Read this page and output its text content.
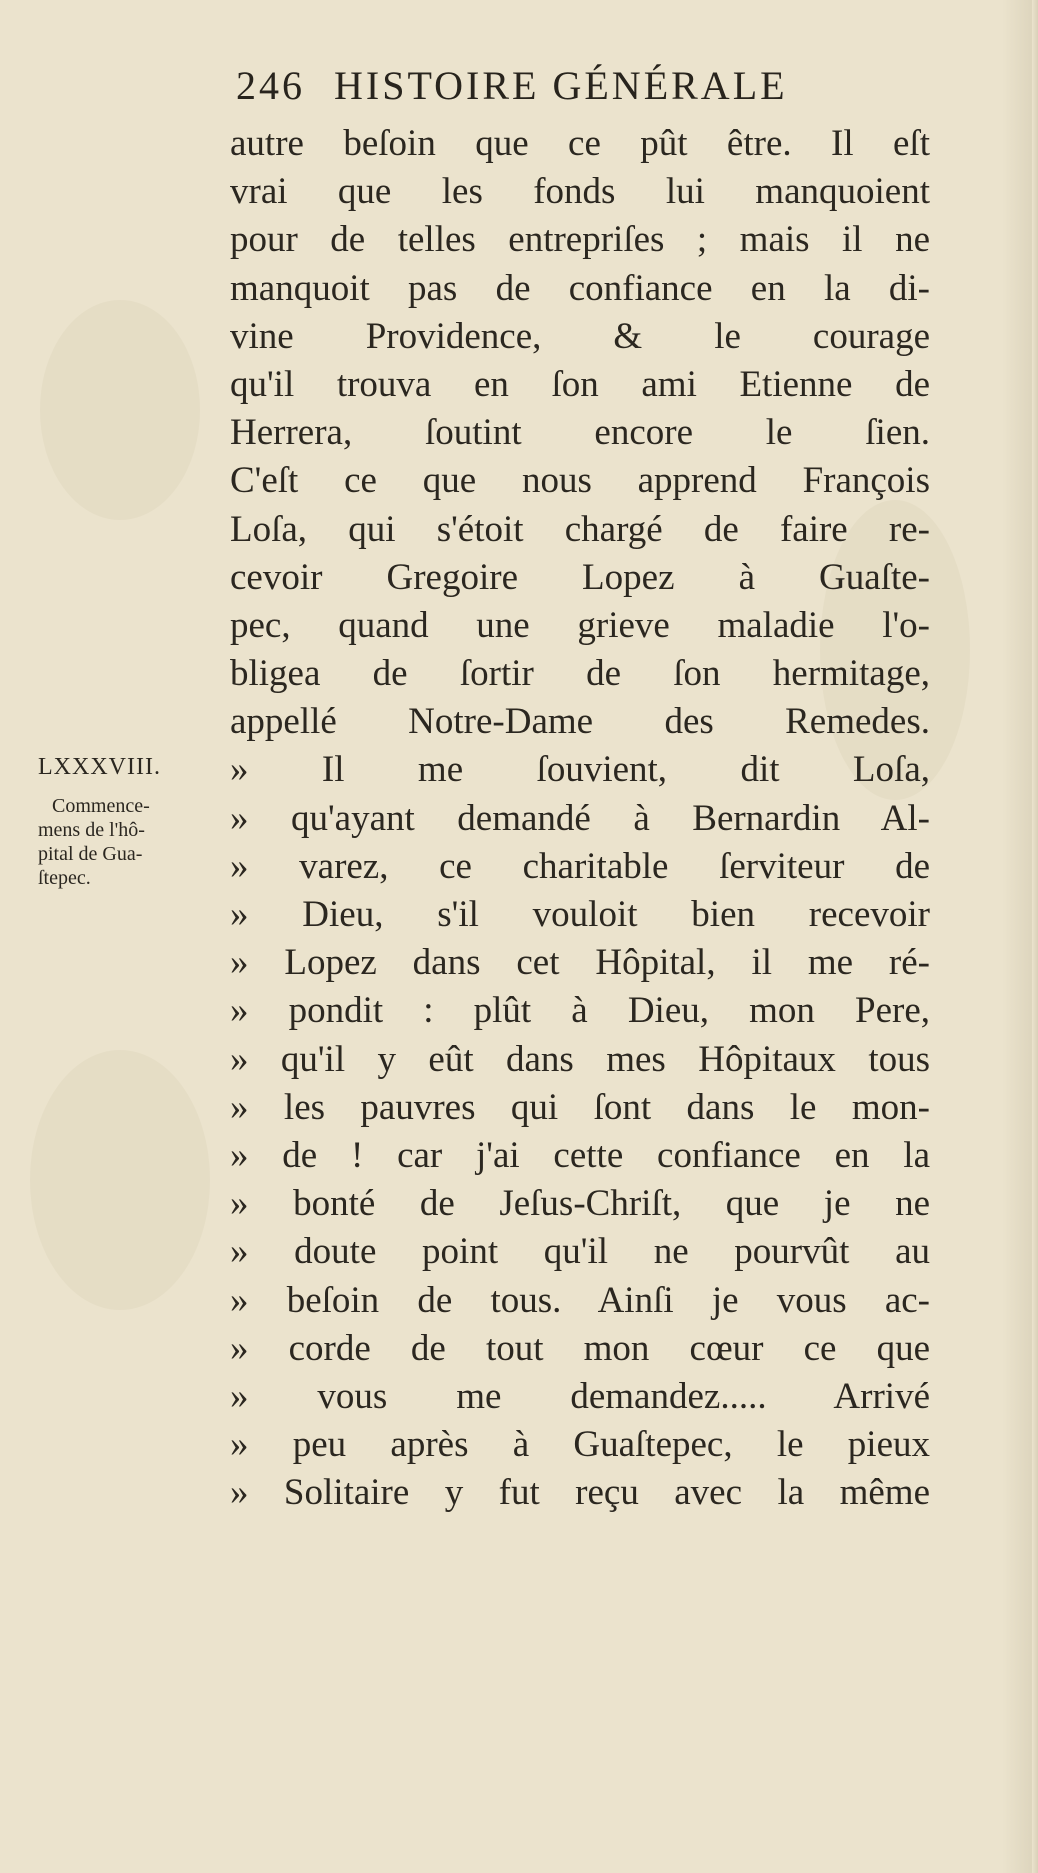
246 HISTOIRE GÉNÉRALE
LXXXVIII.
Commence-
mens de l'hô-
pital de Gua-
ſtepec.
autre beſoin que ce pût être. Il eſt
vrai que les fonds lui manquoient
pour de telles entrepriſes ; mais il ne
manquoit pas de confiance en la di-
vine Providence, & le courage
qu'il trouva en ſon ami Etienne de
Herrera, ſoutint encore le ſien.
C'eſt ce que nous apprend François
Loſa, qui s'étoit chargé de faire re-
cevoir Gregoire Lopez à Guaſte-
pec, quand une grieve maladie l'o-
bligea de ſortir de ſon hermitage,
appellé Notre-Dame des Remedes.
» Il me ſouvient, dit Loſa,
» qu'ayant demandé à Bernardin Al-
» varez, ce charitable ſerviteur de
» Dieu, s'il vouloit bien recevoir
» Lopez dans cet Hôpital, il me ré-
» pondit : plût à Dieu, mon Pere,
» qu'il y eût dans mes Hôpitaux tous
» les pauvres qui ſont dans le mon-
» de ! car j'ai cette confiance en la
» bonté de Jeſus-Chriſt, que je ne
» doute point qu'il ne pourvût au
» beſoin de tous. Ainſi je vous ac-
» corde de tout mon cœur ce que
» vous me demandez..... Arrivé
» peu après à Guaſtepec, le pieux
» Solitaire y fut reçu avec la même
